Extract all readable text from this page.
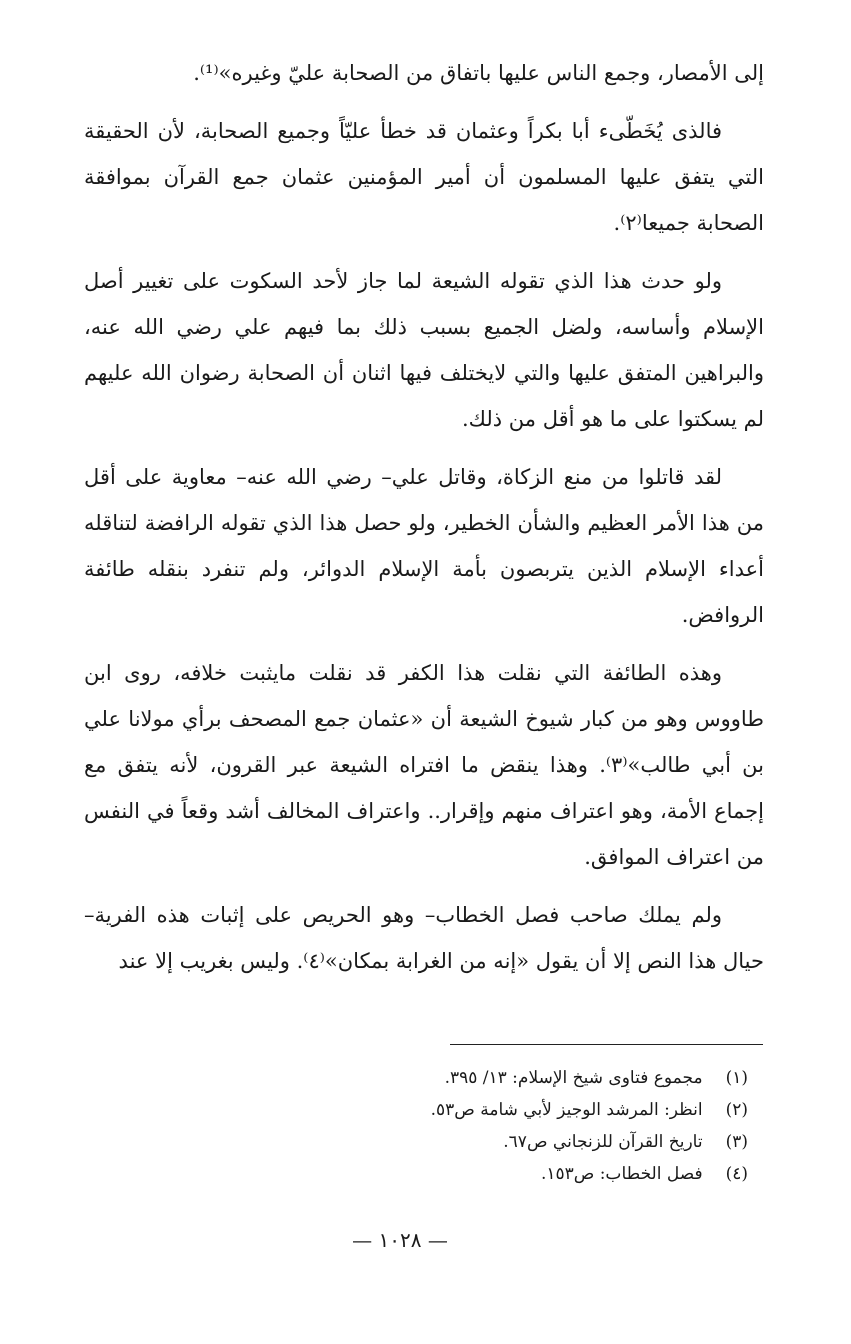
إلى الأمصار، وجمع الناس عليها باتفاق من الصحابة عليّ وغيره»⁽¹⁾.

فالذى يُخَطّىء أبا بكراً وعثمان قد خطأ عليّاً وجميع الصحابة، لأن الحقيقة التي يتفق عليها المسلمون أن أمير المؤمنين عثمان جمع القرآن بموافقة الصحابة جميعا⁽٢⁾.

ولو حدث هذا الذي تقوله الشيعة لما جاز لأحد السكوت على تغيير أصل الإسلام وأساسه، ولضل الجميع بسبب ذلك بما فيهم علي رضي الله عنه، والبراهين المتفق عليها والتي لايختلف فيها اثنان أن الصحابة رضوان الله عليهم لم يسكتوا على ما هو أقل من ذلك.

لقد قاتلوا من منع الزكاة، وقاتل علي– رضي الله عنه– معاوية على أقل من هذا الأمر العظيم والشأن الخطير، ولو حصل هذا الذي تقوله الرافضة لتناقله أعداء الإسلام الذين يتربصون بأمة الإسلام الدوائر، ولم تنفرد بنقله طائفة الروافض.

وهذه الطائفة التي نقلت هذا الكفر قد نقلت مايثبت خلافه، روى ابن طاووس وهو من كبار شيوخ الشيعة أن «عثمان جمع المصحف برأي مولانا علي بن أبي طالب»⁽٣⁾. وهذا ينقض ما افتراه الشيعة عبر القرون، لأنه يتفق مع إجماع الأمة، وهو اعتراف منهم وإقرار.. واعتراف المخالف أشد وقعاً في النفس من اعتراف الموافق.

ولم يملك صاحب فصل الخطاب– وهو الحريص على إثبات هذه الفرية– حيال هذا النص إلا أن يقول «إنه من الغرابة بمكان»⁽٤⁾. وليس بغريب إلا عند

(١) مجموع فتاوى شيخ الإسلام: ١٣/ ٣٩٥.

(٢) انظر: المرشد الوجيز لأبي شامة ص٥٣.

(٣) تاريخ القرآن للزنجاني ص٦٧.

(٤) فصل الخطاب: ص١٥٣.

— ١٠٢٨ —
